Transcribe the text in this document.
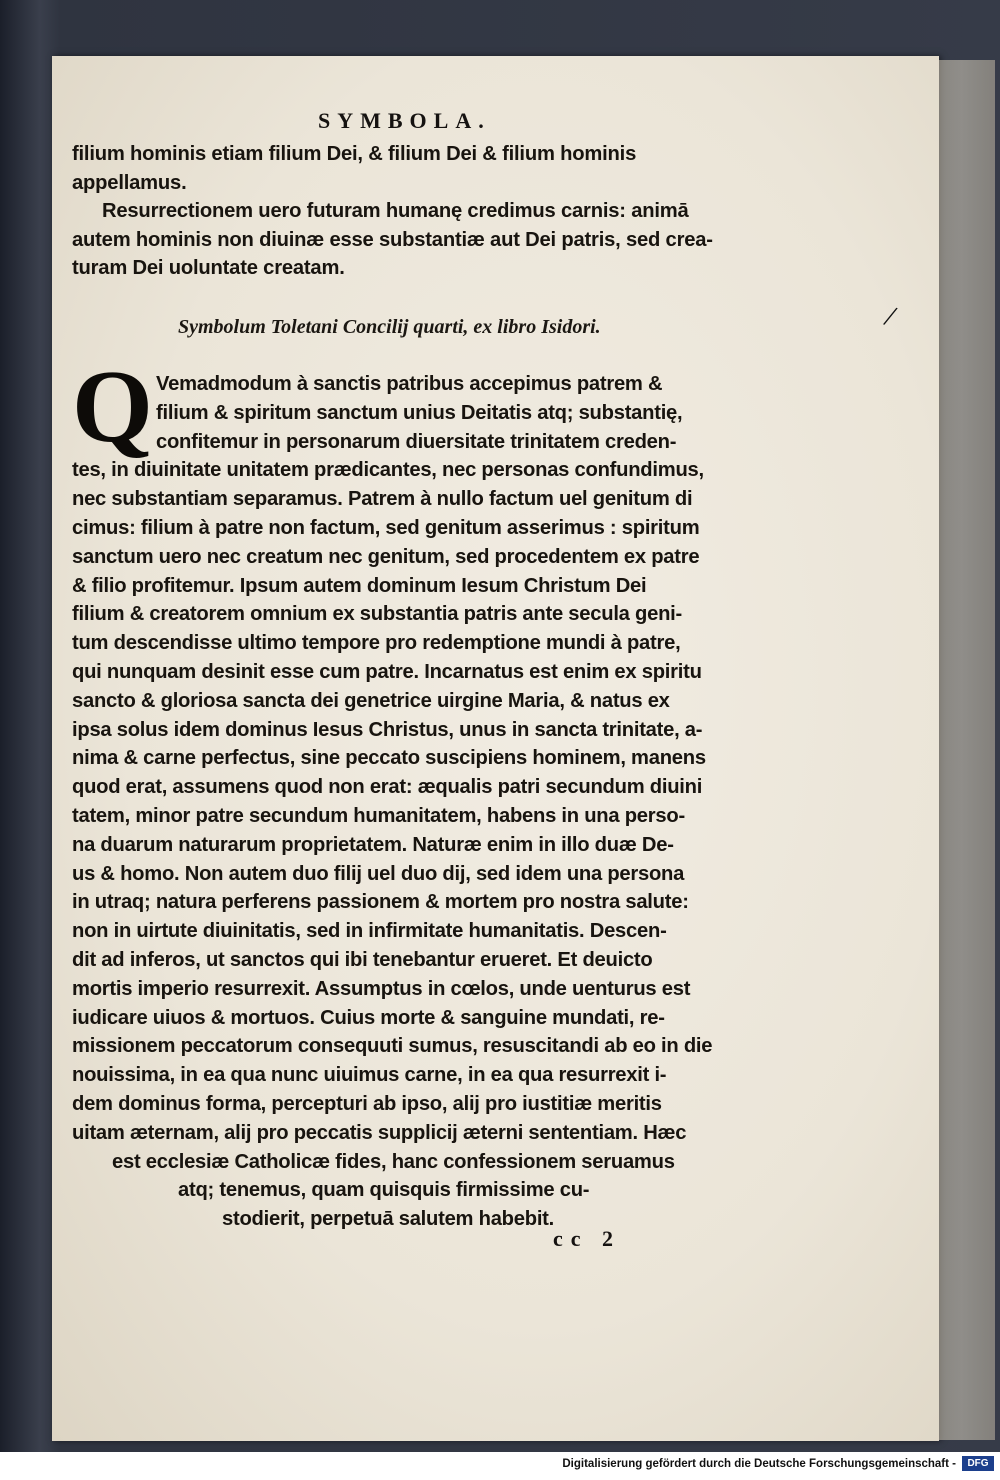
SYMBOLA.
filium hominis etiam filium Dei, & filium Dei & filium hominis
appellamus.
Resurrectionem uero futuram humanę credimus carnis: animā
autem hominis non diuinæ esse substantiæ aut Dei patris, sed crea-
turam Dei uoluntate creatam.
Symbolum Toletani Concilij quarti, ex libro Isidori.	/
Q Vemadmodum à sanctis patribus accepimus patrem &
filium & spiritum sanctum unius Deitatis atq; substantię,
confitemur in personarum diuersitate trinitatem creden-
tes, in diuinitate unitatem prædicantes, nec personas confundimus,
nec substantiam separamus. Patrem à nullo factum uel genitum di
cimus: filium à patre non factum, sed genitum asserimus : spiritum
sanctum uero nec creatum nec genitum, sed procedentem ex patre
& filio profitemur. Ipsum autem dominum Iesum Christum Dei
filium & creatorem omnium ex substantia patris ante secula geni-
tum descendisse ultimo tempore pro redemptione mundi à patre,
qui nunquam desinit esse cum patre. Incarnatus est enim ex spiritu
sancto & gloriosa sancta dei genetrice uirgine Maria, & natus ex
ipsa solus idem dominus Iesus Christus, unus in sancta trinitate, a-
nima & carne perfectus, sine peccato suscipiens hominem, manens
quod erat, assumens quod non erat: æqualis patri secundum diuini
tatem, minor patre secundum humanitatem, habens in una perso-
na duarum naturarum proprietatem. Naturæ enim in illo duæ De-
us & homo. Non autem duo filij uel duo dij, sed idem una persona
in utraq; natura perferens passionem & mortem pro nostra salute:
non in uirtute diuinitatis, sed in infirmitate humanitatis. Descen-
dit ad inferos, ut sanctos qui ibi tenebantur erueret. Et deuicto
mortis imperio resurrexit. Assumptus in cœlos, unde uenturus est
iudicare uiuos & mortuos. Cuius morte & sanguine mundati, re-
missionem peccatorum consequuti sumus, resuscitandi ab eo in die
nouissima, in ea qua nunc uiuimus carne, in ea qua resurrexit i-
dem dominus forma, percepturi ab ipso, alij pro iustitiæ meritis
uitam æternam, alij pro peccatis supplicij æterni sententiam. Hæc
est ecclesiæ Catholicæ fides, hanc confessionem seruamus
atq; tenemus, quam quisquis firmissime cu-
stodierit, perpetuā salutem habebit.
cc 2
Digitalisierung gefördert durch die Deutsche Forschungsgemeinschaft -	DFG
